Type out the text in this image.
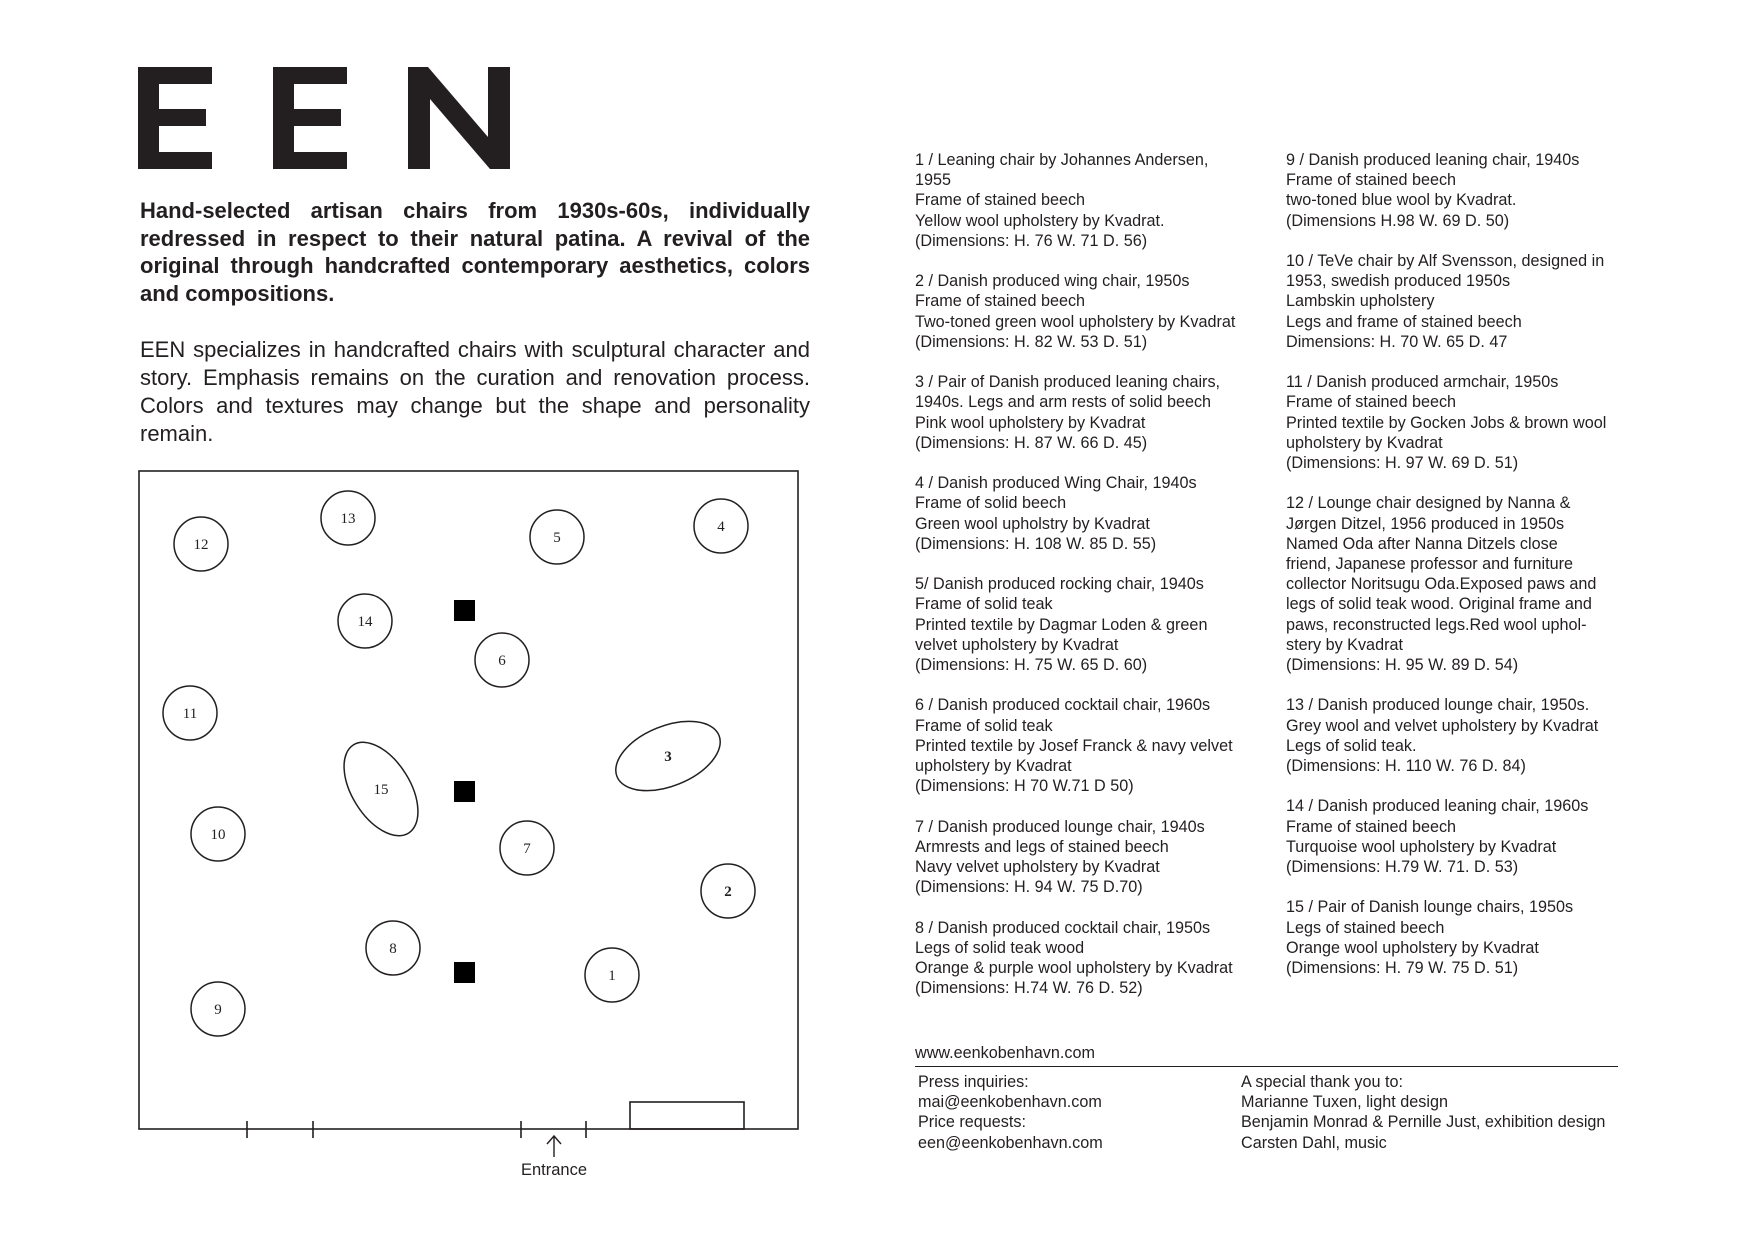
Hand-selected artisan chairs from 1930s-60s, individually redressed in respect to their natural patina. A revival of the original through handcrafted contemporary aesthetics, colors and compositions.

EEN specializes in handcrafted chairs with sculptural character and story. Emphasis remains on the curation and renovation process. Colors and textures may change but the shape and personality remain.

1
2
3
4
5
6
7
8
9
10
11
12
13
14
15
Entrance
1 / Leaning chair by Johannes Andersen,
1955
Frame of stained beech
Yellow wool upholstery by Kvadrat.
(Dimensions: H. 76 W. 71 D. 56)
2 / Danish produced wing chair, 1950s
Frame of stained beech
Two-toned green wool upholstery by Kvadrat
(Dimensions: H. 82 W. 53 D. 51)
3 / Pair of Danish produced leaning chairs,
1940s. Legs and arm rests of solid beech
Pink wool upholstery by Kvadrat
(Dimensions: H. 87 W. 66 D. 45)
4 / Danish produced Wing Chair, 1940s
Frame of solid beech
Green wool upholstry by Kvadrat
(Dimensions: H. 108 W. 85 D. 55)
5/ Danish produced rocking chair, 1940s
Frame of solid teak
Printed textile by Dagmar Loden & green
velvet upholstery by Kvadrat
(Dimensions: H. 75 W. 65 D. 60)
6 / Danish produced cocktail chair, 1960s
Frame of solid teak
Printed textile by Josef Franck & navy velvet
upholstery by Kvadrat
(Dimensions: H 70 W.71 D 50)
7 / Danish produced lounge chair, 1940s
Armrests and legs of stained beech
Navy velvet upholstery by Kvadrat
(Dimensions: H. 94 W. 75 D.70)
8 / Danish produced cocktail chair, 1950s
Legs of solid teak wood
Orange & purple wool upholstery by Kvadrat
(Dimensions: H.74 W. 76 D. 52)
9 / Danish produced leaning chair, 1940s
Frame of stained beech
two-toned blue wool by Kvadrat.
(Dimensions H.98 W. 69 D. 50)
10 / TeVe chair by Alf Svensson, designed in
1953, swedish produced 1950s
Lambskin upholstery
Legs and frame of stained beech
Dimensions: H. 70 W. 65 D. 47
11 / Danish produced armchair, 1950s
Frame of stained beech
Printed textile by Gocken Jobs & brown wool
upholstery by Kvadrat
(Dimensions: H. 97 W. 69 D. 51)
12 / Lounge chair designed by Nanna &
Jørgen Ditzel, 1956 produced in 1950s
Named Oda after Nanna Ditzels close
friend, Japanese professor and furniture
collector Noritsugu Oda.Exposed paws and
legs of solid teak wood. Original frame and
paws, reconstructed legs.Red wool uphol-
stery by Kvadrat
(Dimensions: H. 95 W. 89 D. 54)
13 / Danish produced lounge chair, 1950s.
Grey wool and velvet upholstery by Kvadrat
Legs of solid teak.
(Dimensions: H. 110 W. 76 D. 84)
14 / Danish produced leaning chair, 1960s
Frame of stained beech
Turquoise wool upholstery by Kvadrat
(Dimensions: H.79 W. 71. D. 53)
15 / Pair of Danish lounge chairs, 1950s
Legs of stained beech
Orange wool upholstery by Kvadrat
(Dimensions: H. 79 W. 75 D. 51)
www.eenkobenhavn.com
Press inquiries:
mai@eenkobenhavn.com
Price requests:
een@eenkobenhavn.com
A special thank you to:
Marianne Tuxen, light design
Benjamin Monrad & Pernille Just, exhibition design
Carsten Dahl, music
